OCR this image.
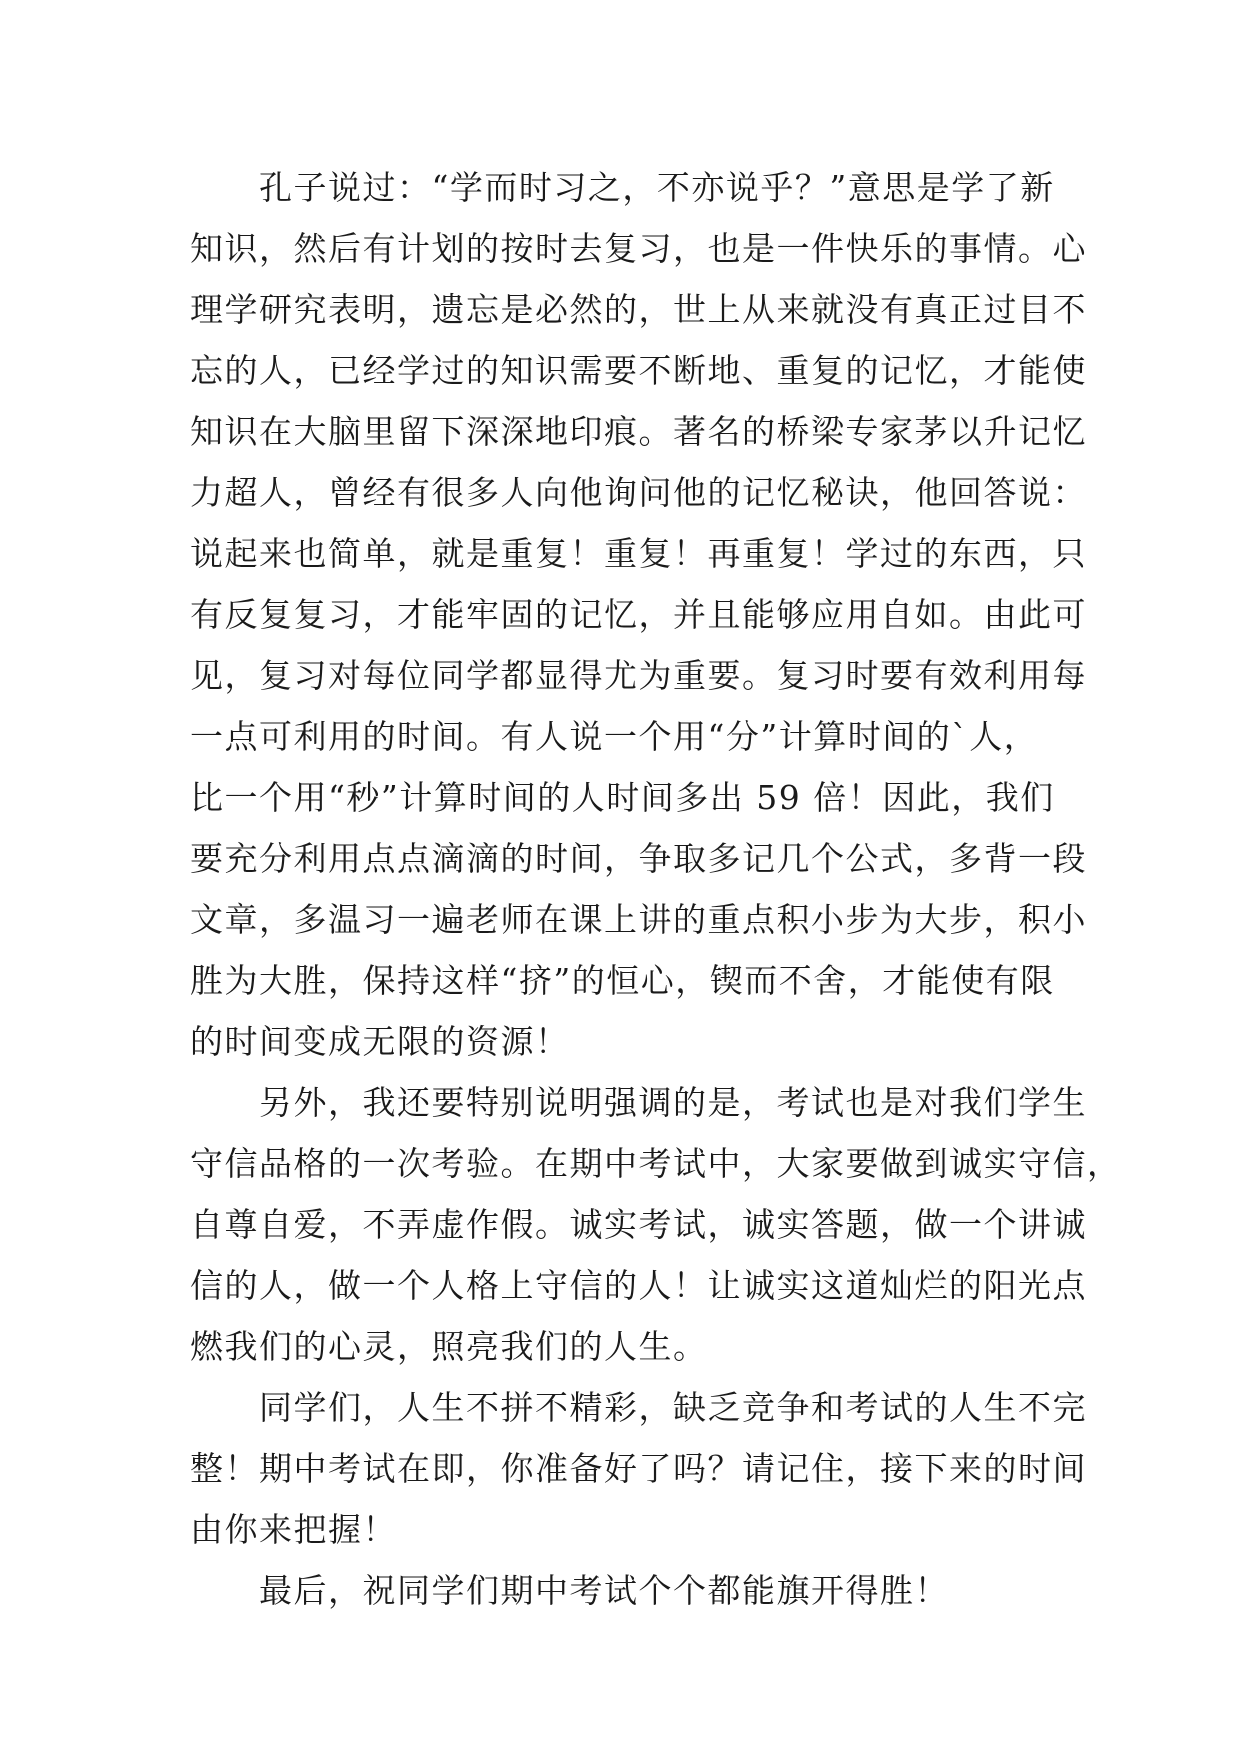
　　孔子说过：“学而时习之，不亦说乎？”意思是学了新
知识，然后有计划的按时去复习，也是一件快乐的事情。心
理学研究表明，遗忘是必然的，世上从来就没有真正过目不
忘的人，已经学过的知识需要不断地、重复的记忆，才能使
知识在大脑里留下深深地印痕。著名的桥梁专家茅以升记忆
力超人，曾经有很多人向他询问他的记忆秘诀，他回答说：
说起来也简单，就是重复！重复！再重复！学过的东西，只
有反复复习，才能牢固的记忆，并且能够应用自如。由此可
见，复习对每位同学都显得尤为重要。复习时要有效利用每
一点可利用的时间。有人说一个用“分”计算时间的`人，
比一个用“秒”计算时间的人时间多出 59 倍！因此，我们
要充分利用点点滴滴的时间，争取多记几个公式，多背一段
文章，多温习一遍老师在课上讲的重点积小步为大步，积小
胜为大胜，保持这样“挤”的恒心，锲而不舍，才能使有限
的时间变成无限的资源！
　　另外，我还要特别说明强调的是，考试也是对我们学生
守信品格的一次考验。在期中考试中，大家要做到诚实守信，
自尊自爱，不弄虚作假。诚实考试，诚实答题，做一个讲诚
信的人，做一个人格上守信的人！让诚实这道灿烂的阳光点
燃我们的心灵，照亮我们的人生。
　　同学们，人生不拼不精彩，缺乏竞争和考试的人生不完
整！期中考试在即，你准备好了吗？请记住，接下来的时间
由你来把握！
　　最后，祝同学们期中考试个个都能旗开得胜！
